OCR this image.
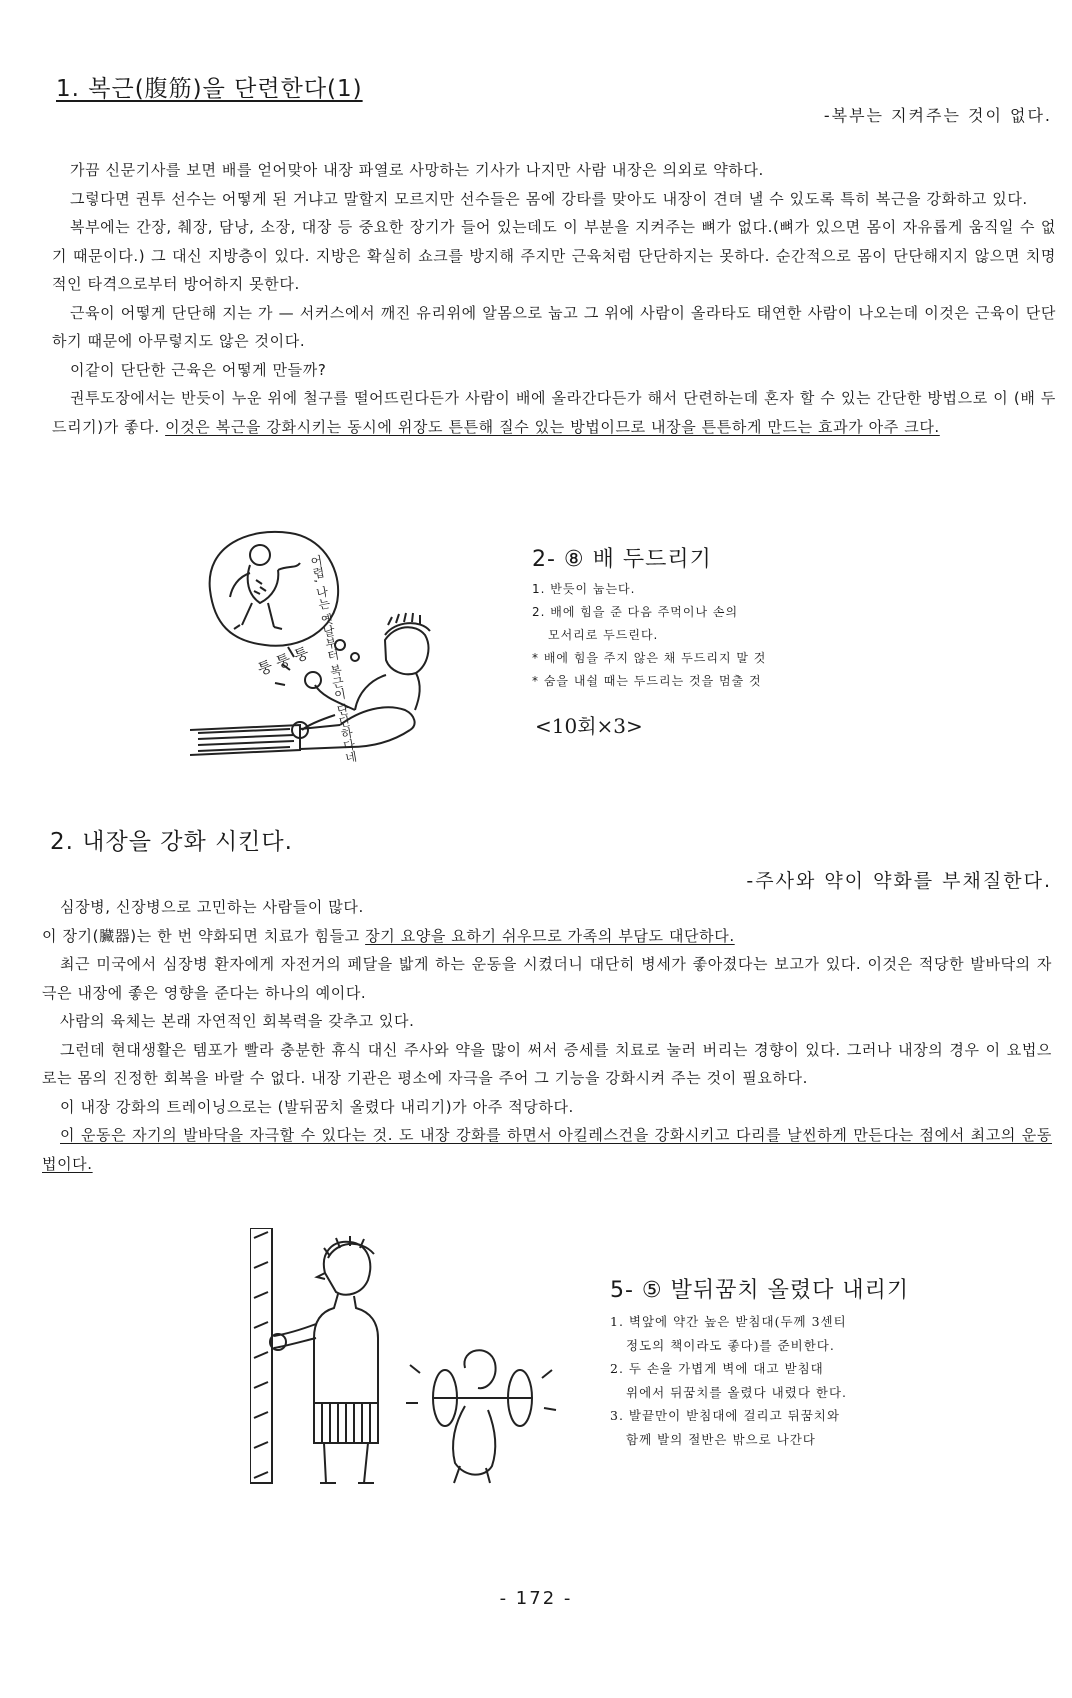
1. 복근(腹筋)을 단련한다(1)
-복부는 지켜주는 것이 없다.

가끔 신문기사를 보면 배를 얻어맞아 내장 파열로 사망하는 기사가 나지만 사람 내장은 의외로 약하다.

그렇다면 권투 선수는 어떻게 된 거냐고 말할지 모르지만 선수들은 몸에 강타를 맞아도 내장이 견뎌 낼 수 있도록 특히 복근을 강화하고 있다.

복부에는 간장, 췌장, 담낭, 소장, 대장 등 중요한 장기가 들어 있는데도 이 부분을 지켜주는 뼈가 없다.(뼈가 있으면 몸이 자유롭게 움직일 수 없기 때문이다.) 그 대신 지방층이 있다. 지방은 확실히 쇼크를 방지해 주지만 근육처럼 단단하지는 못하다. 순간적으로 몸이 단단해지지 않으면 치명적인 타격으로부터 방어하지 못한다.

근육이 어떻게 단단해 지는 가 — 서커스에서 깨진 유리위에 알몸으로 눕고 그 위에 사람이 올라타도 태연한 사람이 나오는데 이것은 근육이 단단하기 때문에 아무렇지도 않은 것이다.

이같이 단단한 근육은 어떻게 만들까?

권투도장에서는 반듯이 누운 위에 철구를 떨어뜨린다든가 사람이 배에 올라간다든가 해서 단련하는데 혼자 할 수 있는 간단한 방법으로 이 (배 두드리기)가 좋다. 이것은 복근을 강화시키는 동시에 위장도 튼튼해 질수 있는 방법이므로 내장을 튼튼하게 만드는 효과가 아주 크다.

퉁 퉁 퉁
어렵, 나는 옛날부터 복근이 단단하다네	2- ⑧ 배 두드리기
1. 반듯이 눕는다.
2. 배에 힘을 준 다음 주먹이나 손의
모서리로 두드린다.
* 배에 힘을 주지 않은 채 두드리지 말 것
* 숨을 내쉴 때는 두드리는 것을 멈출 것
<10회×3>
2. 내장을 강화 시킨다.
-주사와 약이 약화를 부채질한다.

심장병, 신장병으로 고민하는 사람들이 많다.

이 장기(臟器)는 한 번 약화되면 치료가 힘들고 장기 요양을 요하기 쉬우므로 가족의 부담도 대단하다.

최근 미국에서 심장병 환자에게 자전거의 페달을 밟게 하는 운동을 시켰더니 대단히 병세가 좋아졌다는 보고가 있다. 이것은 적당한 발바닥의 자극은 내장에 좋은 영향을 준다는 하나의 예이다.

사람의 육체는 본래 자연적인 회복력을 갖추고 있다.

그런데 현대생활은 템포가 빨라 충분한 휴식 대신 주사와 약을 많이 써서 증세를 치료로 눌러 버리는 경향이 있다. 그러나 내장의 경우 이 요법으로는 몸의 진정한 회복을 바랄 수 없다. 내장 기관은 평소에 자극을 주어 그 기능을 강화시켜 주는 것이 필요하다.

이 내장 강화의 트레이닝으로는 (발뒤꿈치 올렸다 내리기)가 아주 적당하다.

이 운동은 자기의 발바닥을 자극할 수 있다는 것. 도 내장 강화를 하면서 아킬레스건을 강화시키고 다리를 날씬하게 만든다는 점에서 최고의 운동법이다.

5- ⑤ 발뒤꿈치 올렸다 내리기
1. 벽앞에 약간 높은 받침대(두께 3센티
정도의 책이라도 좋다)를 준비한다.
2. 두 손을 가볍게 벽에 대고 받침대
위에서 뒤꿈치를 올렸다 내렸다 한다.
3. 발끝만이 받침대에 걸리고 뒤꿈치와
함께 발의 절반은 밖으로 나간다
- 172 -
